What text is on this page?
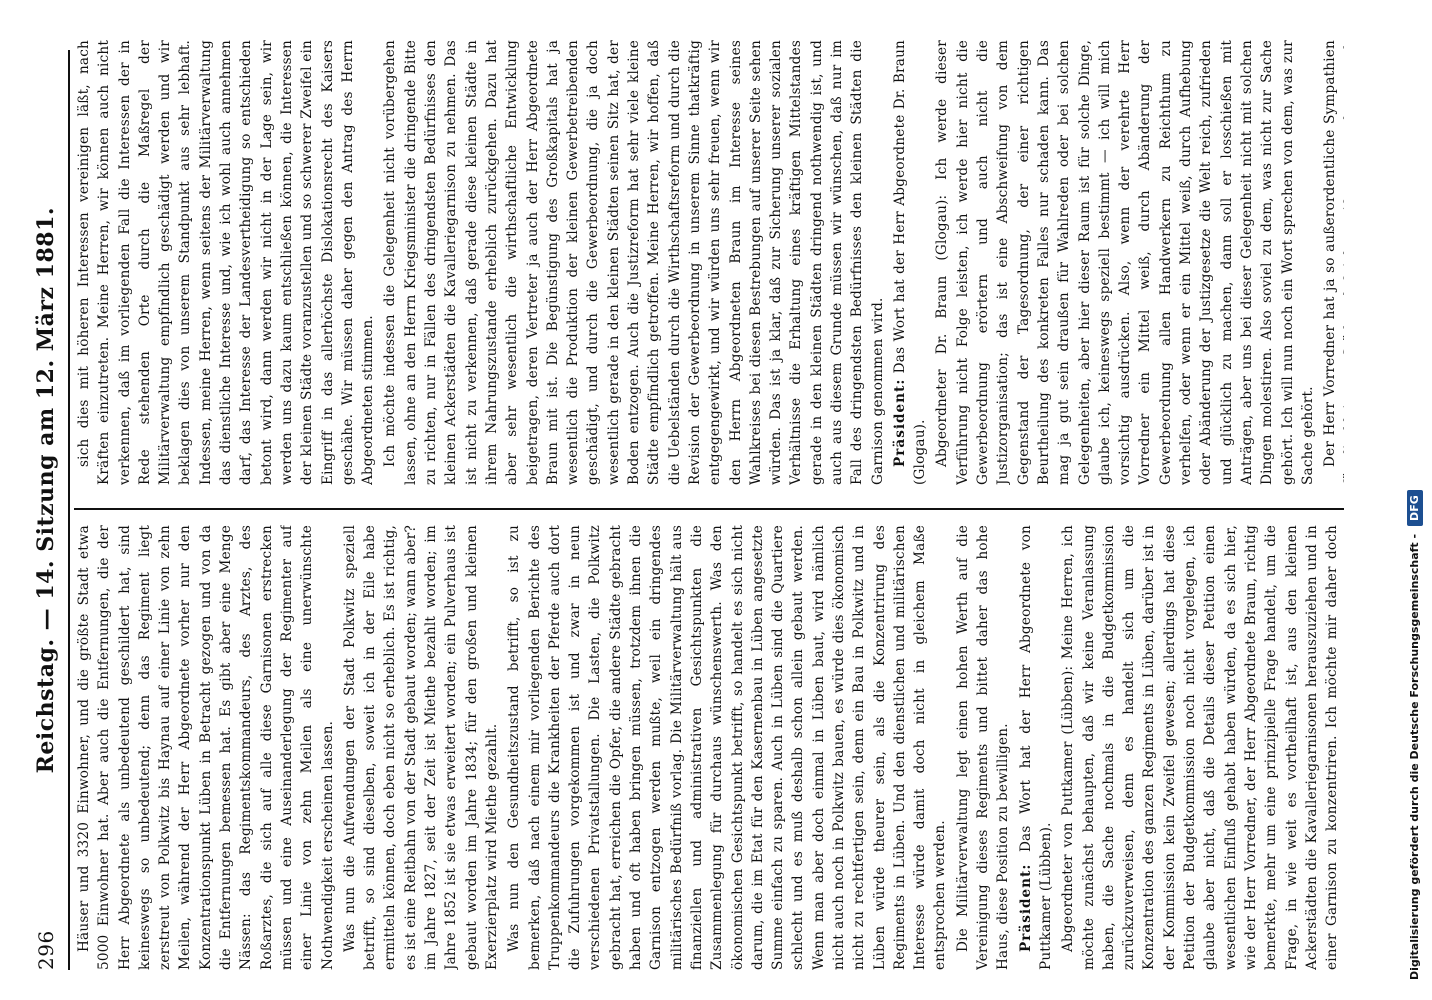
296
Reichstag. — 14. Sitzung am 12. März 1881. Häuser und 3320 Einwohner, und die größte Stadt etwa 5000 Einwohner hat. Aber auch die Entfernungen, die der Herr Abgeordnete als unbedeutend geschildert hat, sind keineswegs so unbedeutend; denn das Regiment liegt zerstreut von Polkwitz bis Haynau auf einer Linie von zehn Meilen, während der Herr Abgeordnete vorher nur den Konzentrationspunkt Lüben in Betracht gezogen und von da die Entfernungen bemessen hat. Es gibt aber eine Menge Nässen: das Regimentskommandeurs, des Arztes, des Roßarztes, die sich auf alle diese Garnisonen erstrecken müssen und eine Auseinanderlegung der Regimenter auf einer Linie von zehn Meilen als eine unerwünschte Nothwendigkeit erscheinen lassen. Was nun die Aufwendungen der Stadt Polkwitz speziell betrifft, so sind dieselben, soweit ich in der Eile habe ermitteln können, doch eben nicht so erheblich. Es ist richtig, es ist eine Reitbahn von der Stadt gebaut worden; wann aber? im Jahre 1827, seit der Zeit ist Miethe bezahlt worden; im Jahre 1852 ist sie etwas erweitert worden; ein Pulverhaus ist gebaut worden im Jahre 1834; für den großen und kleinen Exerzierplatz wird Miethe gezahlt. Was nun den Gesundheitszustand betrifft, so ist zu bemerken, daß nach einem mir vorliegenden Berichte des Truppenkommandeurs die Krankheiten der Pferde auch dort die Zufuhrungen vorgekommen ist und zwar in neun verschiedenen Privatstallungen. Die Lasten, die Polkwitz gebracht hat, erreichen die Opfer, die andere Städte gebracht haben und oft haben bringen müssen, trotzdem ihnen die Garnison entzogen werden mußte, weil ein dringendes militärisches Bedürfniß vorlag. Die Militärverwaltung hält aus finanziellen und administrativen Gesichtspunkten die Zusammenlegung für durchaus wünschenswerth. Was den ökonomischen Gesichtspunkt betrifft, so handelt es sich nicht darum, die im Etat für den Kasernenbau in Lüben angesetzte Summe einfach zu sparen. Auch in Lüben sind die Quartiere schlecht und es muß deshalb schon allein gebaut werden. Wenn man aber doch einmal in Lüben baut, wird nämlich nicht auch noch in Polkwitz bauen, es würde dies ökonomisch nicht zu rechtfertigen sein, denn ein Bau in Polkwitz und in Lüben würde theurer sein, als die Konzentrirung des Regiments in Lüben. Und den dienstlichen und militärischen Interesse würde damit doch nicht in gleichem Maße entsprochen werden. Die Militärverwaltung legt einen hohen Werth auf die Vereinigung dieses Regiments und bittet daher das hohe Haus, diese Position zu bewilligen. Präsident: Das Wort hat der Herr Abgeordnete von Puttkamer (Lübben). Abgeordneter von Puttkamer (Lübben): Meine Herren, ich möchte zunächst behaupten, daß wir keine Veranlassung haben, die Sache nochmals in die Budgetkommission zurückzuverweisen, denn es handelt sich um die Konzentration des ganzen Regiments in Lüben, darüber ist in der Kommission kein Zweifel gewesen; allerdings hat diese Petition der Budgetkommission noch nicht vorgelegen, ich glaube aber nicht, daß die Details dieser Petition einen wesentlichen Einfluß gehabt haben würden, da es sich hier, wie der Herr Vorredner, der Herr Abgeordnete Braun, richtig bemerkte, mehr um eine prinzipielle Frage handelt, um die Frage, in wie weit es vortheilhaft ist, aus den kleinen Ackerstädten die Kavalleriegarnisonen herauszuziehen und in einer Garnison zu konzentriren. Ich möchte mir daher doch

sich dies mit höheren Interessen vereinigen läßt, nach Kräften einzutreten. Meine Herren, wir können auch nicht verkennen, daß im vorliegenden Fall die Interessen der in Rede stehenden Orte durch die Maßregel der Militärverwaltung empfindlich geschädigt werden und wir beklagen dies von unserem Standpunkt aus sehr lebhaft. Indessen, meine Herren, wenn seitens der Militärverwaltung das dienstliche Interesse und, wie ich wohl auch annehmen darf, das Interesse der Landesvertheidigung so entschieden betont wird, dann werden wir nicht in der Lage sein, wir werden uns dazu kaum entschließen können, die Interessen der kleinen Städte voranzustellen und so schwerer Zweifel ein Eingriff in das allerhöchste Dislokationsrecht des Kaisers geschähe. Wir müssen daher gegen den Antrag des Herrn Abgeordneten stimmen. Ich möchte indessen die Gelegenheit nicht vorübergehen lassen, ohne an den Herrn Kriegsminister die dringende Bitte zu richten, nur in Fällen des dringendsten Bedürfnisses den kleinen Ackerstädten die Kavalleriegarnison zu nehmen. Das ist nicht zu verkennen, daß gerade diese kleinen Städte in ihrem Nahrungszustande erheblich zurückgehen. Dazu hat aber sehr wesentlich die wirthschaftliche Entwicklung beigetragen, deren Vertreter ja auch der Herr Abgeordnete Braun mit ist. Die Begünstigung des Großkapitals hat ja wesentlich die Produktion der kleinen Gewerbetreibenden geschädigt, und durch die Gewerbeordnung, die ja doch wesentlich gerade in den kleinen Städten seinen Sitz hat, der Boden entzogen. Auch die Justizreform hat sehr viele kleine Städte empfindlich getroffen. Meine Herren, wir hoffen, daß die Uebelständen durch die Wirthschaftsreform und durch die Revision der Gewerbeordnung in unserem Sinne thatkräftig entgegengewirkt, und wir würden uns sehr freuen, wenn wir den Herrn Abgeordneten Braun im Interesse seines Wahlkreises bei diesen Bestrebungen auf unserer Seite sehen würden. Das ist ja klar, daß zur Sicherung unserer sozialen Verhältnisse die Erhaltung eines kräftigen Mittelstandes gerade in den kleinen Städten dringend nothwendig ist, und auch aus diesem Grunde müssen wir wünschen, daß nur im Fall des dringendsten Bedürfnisses den kleinen Städten die Garnison genommen wird. Präsident: Das Wort hat der Herr Abgeordnete Dr. Braun (Glogau). Abgeordneter Dr. Braun (Glogau): Ich werde dieser Verführung nicht Folge leisten, ich werde hier nicht die Gewerbeordnung erörtern und auch nicht die Justizorganisation; das ist eine Abschweifung von dem Gegenstand der Tagesordnung, der einer richtigen Beurtheilung des konkreten Falles nur schaden kann. Das mag ja gut sein draußen für Wahlreden oder bei solchen Gelegenheiten, aber hier dieser Raum ist für solche Dinge, glaube ich, keineswegs speziell bestimmt — ich will mich vorsichtig ausdrücken. Also, wenn der verehrte Herr Vorredner ein Mittel weiß, durch Abänderung der Gewerbeordnung allen Handwerkern zu Reichthum zu verhelfen, oder wenn er ein Mittel weiß, durch Aufhebung oder Abänderung der Justizgesetze die Welt reich, zufrieden und glücklich zu machen, dann soll er losschießen mit Anträgen, aber uns bei dieser Gelegenheit nicht mit solchen Dingen molestiren. Also soviel zu dem, was nicht zur Sache gehört. Ich will nun noch ein Wort sprechen von dem, was zur Sache gehört. Der Herr Vorredner hat ja so außerordentliche Sympathien

Digitalisierung gefördert durch die Deutsche Forschungsgemeinschaft -
DFG
